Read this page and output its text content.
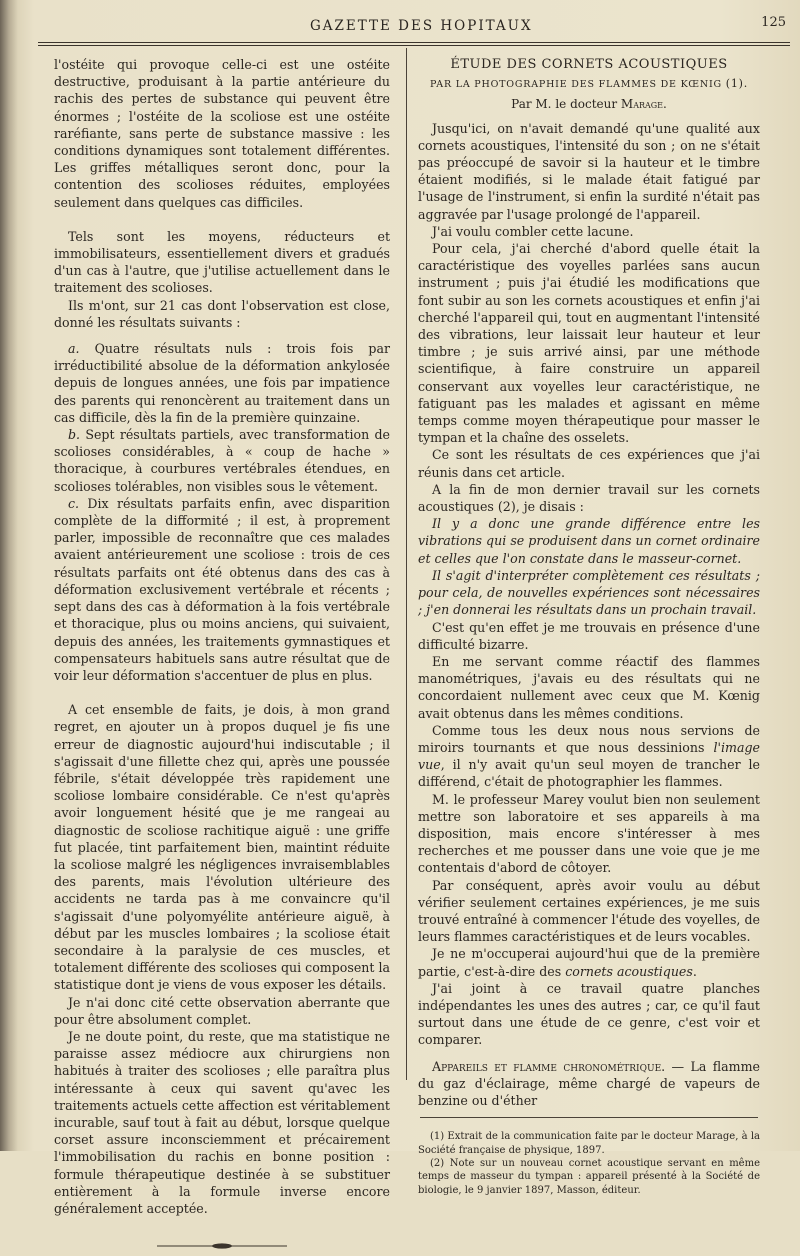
GAZETTE DES HOPITAUX	125

l'ostéite qui provoque celle-ci est une ostéite destructive, produisant à la partie antérieure du rachis des pertes de substance qui peuvent être énormes ; l'ostéite de la scoliose est une ostéite raréfiante, sans perte de substance massive : les conditions dynamiques sont totalement différentes. Les griffes métalliques seront donc, pour la contention des scolioses réduites, employées seulement dans quelques cas difficiles.

Tels sont les moyens, réducteurs et immobilisateurs, essentiellement divers et gradués d'un cas à l'autre, que j'utilise actuellement dans le traitement des scolioses.

Ils m'ont, sur 21 cas dont l'observation est close, donné les résultats suivants :

a. Quatre résultats nuls : trois fois par irréductibilité absolue de la déformation ankylosée depuis de longues années, une fois par impatience des parents qui renoncèrent au traitement dans un cas difficile, dès la fin de la première quinzaine.

b. Sept résultats partiels, avec transformation de scolioses considérables, à « coup de hache » thoracique, à courbures vertébrales étendues, en scolioses tolérables, non visibles sous le vêtement.

c. Dix résultats parfaits enfin, avec disparition complète de la difformité ; il est, à proprement parler, impossible de reconnaître que ces malades avaient antérieurement une scoliose : trois de ces résultats parfaits ont été obtenus dans des cas à déformation exclusivement vertébrale et récents ; sept dans des cas à déformation à la fois vertébrale et thoracique, plus ou moins anciens, qui suivaient, depuis des années, les traitements gymnastiques et compensateurs habituels sans autre résultat que de voir leur déformation s'accentuer de plus en plus.

A cet ensemble de faits, je dois, à mon grand regret, en ajouter un à propos duquel je fis une erreur de diagnostic aujourd'hui indiscutable ; il s'agissait d'une fillette chez qui, après une poussée fébrile, s'était développée très rapidement une scoliose lombaire considérable. Ce n'est qu'après avoir longuement hésité que je me rangeai au diagnostic de scoliose rachitique aiguë : une griffe fut placée, tint parfaitement bien, maintint réduite la scoliose malgré les négligences invraisemblables des parents, mais l'évolution ultérieure des accidents ne tarda pas à me convaincre qu'il s'agissait d'une polyomyélite antérieure aiguë, à début par les muscles lombaires ; la scoliose était secondaire à la paralysie de ces muscles, et totalement différente des scolioses qui composent la statistique dont je viens de vous exposer les détails.

Je n'ai donc cité cette observation aberrante que pour être absolument complet.

Je ne doute point, du reste, que ma statistique ne paraisse assez médiocre aux chirurgiens non habitués à traiter des scolioses ; elle paraîtra plus intéressante à ceux qui savent qu'avec les traitements actuels cette affection est véritablement incurable, sauf tout à fait au début, lorsque quelque corset assure inconsciemment et précairement l'immobilisation du rachis en bonne position : formule thérapeutique destinée à se substituer entièrement à la formule inverse encore généralement acceptée.

ÉTUDE DES CORNETS ACOUSTIQUES

PAR LA PHOTOGRAPHIE DES FLAMMES DE KŒNIG (1).
Par M. le docteur Marage.

Jusqu'ici, on n'avait demandé qu'une qualité aux cornets acoustiques, l'intensité du son ; on ne s'était pas préoccupé de savoir si la hauteur et le timbre étaient modifiés, si le malade était fatigué par l'usage de l'instrument, si enfin la surdité n'était pas aggravée par l'usage prolongé de l'appareil.

J'ai voulu combler cette lacune.

Pour cela, j'ai cherché d'abord quelle était la caractéristique des voyelles parlées sans aucun instrument ; puis j'ai étudié les modifications que font subir au son les cornets acoustiques et enfin j'ai cherché l'appareil qui, tout en augmentant l'intensité des vibrations, leur laissait leur hauteur et leur timbre ; je suis arrivé ainsi, par une méthode scientifique, à faire construire un appareil conservant aux voyelles leur caractéristique, ne fatiguant pas les malades et agissant en même temps comme moyen thérapeutique pour masser le tympan et la chaîne des osselets.

Ce sont les résultats de ces expériences que j'ai réunis dans cet article.

A la fin de mon dernier travail sur les cornets acoustiques (2), je disais :

Il y a donc une grande différence entre les vibrations qui se produisent dans un cornet ordinaire et celles que l'on constate dans le masseur-cornet.

Il s'agit d'interpréter complètement ces résultats ; pour cela, de nouvelles expériences sont nécessaires ; j'en donnerai les résultats dans un prochain travail.

C'est qu'en effet je me trouvais en présence d'une difficulté bizarre.

En me servant comme réactif des flammes manométriques, j'avais eu des résultats qui ne concordaient nullement avec ceux que M. Kœnig avait obtenus dans les mêmes conditions.

Comme tous les deux nous nous servions de miroirs tournants et que nous dessinions l'image vue, il n'y avait qu'un seul moyen de trancher le différend, c'était de photographier les flammes.

M. le professeur Marey voulut bien non seulement mettre son laboratoire et ses appareils à ma disposition, mais encore s'intéresser à mes recherches et me pousser dans une voie que je me contentais d'abord de côtoyer.

Par conséquent, après avoir voulu au début vérifier seulement certaines expériences, je me suis trouvé entraîné à commencer l'étude des voyelles, de leurs flammes caractéristiques et de leurs vocables.

Je ne m'occuperai aujourd'hui que de la première partie, c'est-à-dire des cornets acoustiques.

J'ai joint à ce travail quatre planches indépendantes les unes des autres ; car, ce qu'il faut surtout dans une étude de ce genre, c'est voir et comparer.

Appareils et flamme chronométrique. — La flamme du gaz d'éclairage, même chargé de vapeurs de benzine ou d'éther

(1) Extrait de la communication faite par le docteur Marage, à la Société française de physique, 1897.

(2) Note sur un nouveau cornet acoustique servant en même temps de masseur du tympan : appareil présenté à la Société de biologie, le 9 janvier 1897, Masson, éditeur.
